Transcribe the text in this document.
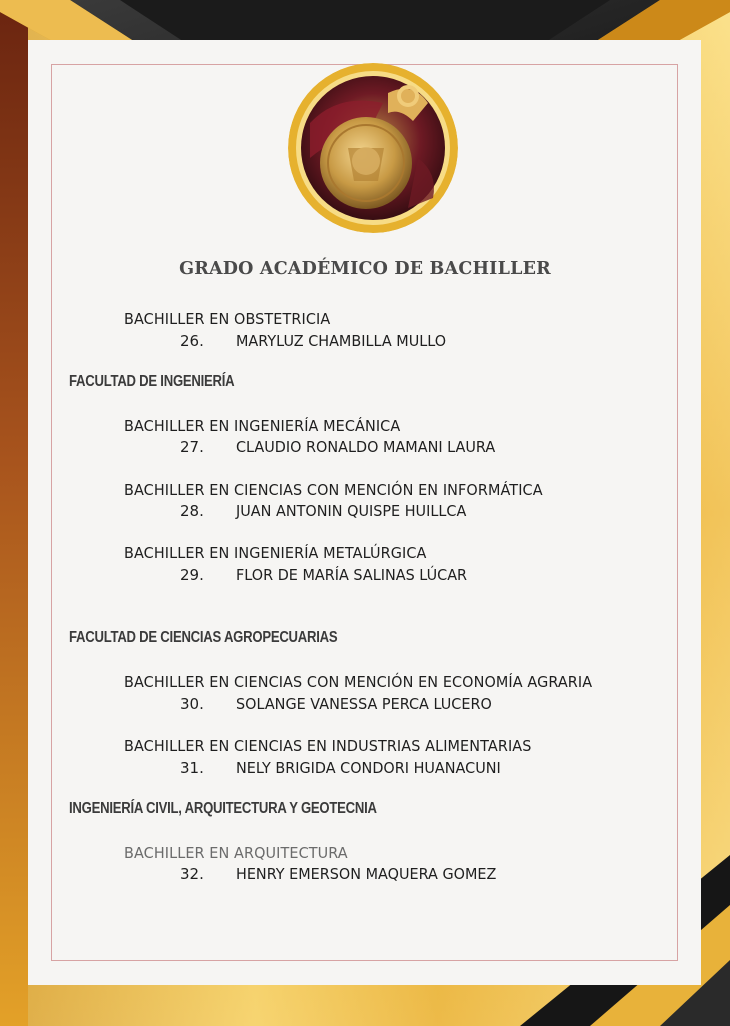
GRADO ACADÉMICO DE BACHILLER
BACHILLER EN OBSTETRICIA
26. MARYLUZ CHAMBILLA MULLO
FACULTAD DE INGENIERÍA
BACHILLER EN INGENIERÍA MECÁNICA
27. CLAUDIO RONALDO MAMANI LAURA
BACHILLER EN CIENCIAS CON MENCIÓN EN INFORMÁTICA
28. JUAN ANTONIN QUISPE HUILLCA
BACHILLER EN INGENIERÍA METALÚRGICA
29. FLOR DE MARÍA SALINAS LÚCAR
FACULTAD DE CIENCIAS AGROPECUARIAS
BACHILLER EN CIENCIAS CON MENCIÓN EN ECONOMÍA AGRARIA
30. SOLANGE VANESSA PERCA LUCERO
BACHILLER EN CIENCIAS EN INDUSTRIAS ALIMENTARIAS
31. NELY BRIGIDA CONDORI HUANACUNI
INGENIERÍA CIVIL, ARQUITECTURA Y GEOTECNIA
BACHILLER EN ARQUITECTURA
32. HENRY EMERSON MAQUERA GOMEZ
